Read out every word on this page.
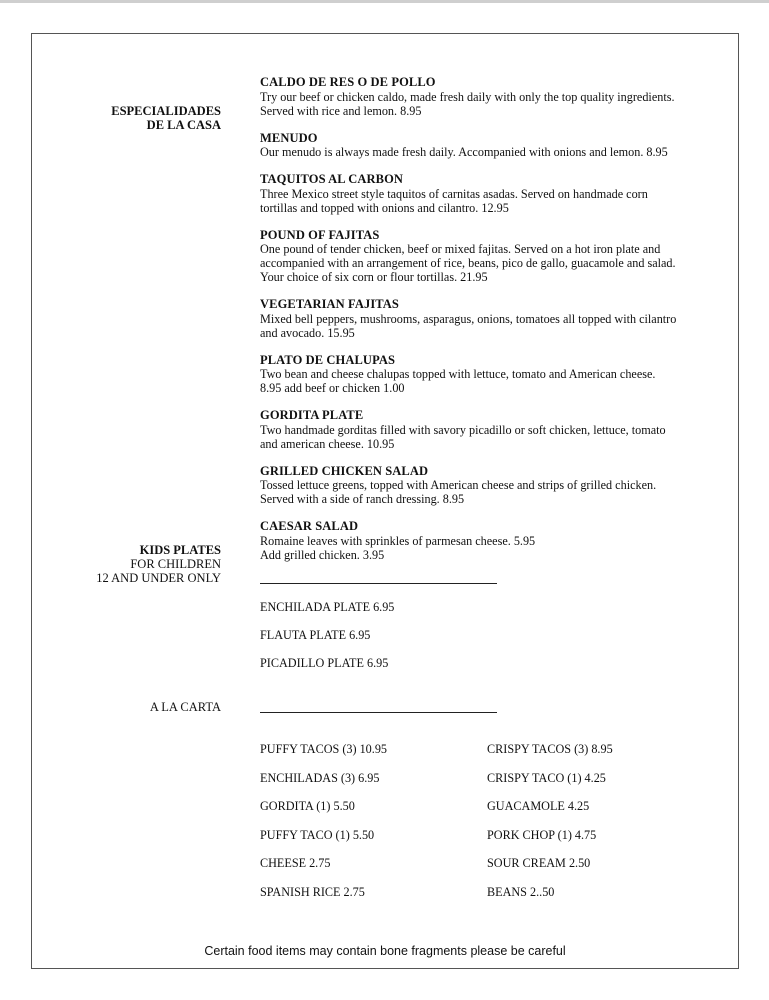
ESPECIALIDADES
DE LA CASA
KIDS PLATES
FOR CHILDREN
12 AND UNDER ONLY
A LA CARTA
CALDO DE RES O DE POLLO
Try our beef or chicken caldo, made fresh daily with only the top quality ingredients.
Served with rice and lemon. 8.95
MENUDO
Our menudo is always made fresh daily. Accompanied with onions and lemon. 8.95
TAQUITOS AL CARBON
Three Mexico street style taquitos of carnitas asadas. Served on handmade corn
tortillas and topped with onions and cilantro. 12.95
POUND OF FAJITAS
One pound of tender chicken, beef or mixed fajitas. Served on a hot iron plate and
accompanied with an arrangement of rice, beans, pico de gallo, guacamole and salad.
Your choice of six corn or flour tortillas. 21.95
VEGETARIAN FAJITAS
Mixed bell peppers, mushrooms, asparagus, onions, tomatoes all topped with cilantro
and avocado. 15.95
PLATO DE CHALUPAS
Two bean and cheese chalupas topped with lettuce, tomato and American cheese.
8.95 add beef or chicken 1.00
GORDITA PLATE
Two handmade gorditas filled with savory picadillo or soft chicken, lettuce, tomato
and american cheese. 10.95
GRILLED CHICKEN SALAD
Tossed lettuce greens, topped with American cheese and strips of grilled chicken.
Served with a side of ranch dressing. 8.95
CAESAR SALAD
Romaine leaves with sprinkles of parmesan cheese. 5.95
Add grilled chicken. 3.95
ENCHILADA PLATE 6.95
FLAUTA PLATE 6.95
PICADILLO PLATE 6.95
PUFFY TACOS (3) 10.95
ENCHILADAS (3) 6.95
GORDITA (1) 5.50
PUFFY TACO (1) 5.50
CHEESE 2.75
SPANISH RICE 2.75
CRISPY TACOS (3) 8.95
CRISPY TACO (1) 4.25
GUACAMOLE 4.25
PORK CHOP (1) 4.75
SOUR CREAM 2.50
BEANS 2..50
Certain food items may contain bone fragments please be careful
